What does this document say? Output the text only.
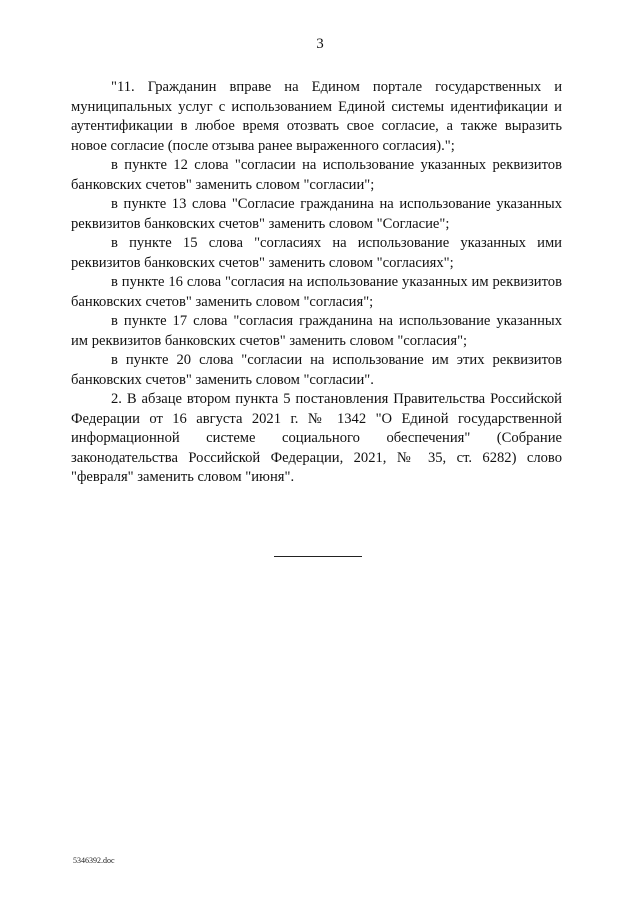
3

"11. Гражданин вправе на Едином портале государственных и муниципальных услуг с использованием Единой системы идентификации и аутентификации в любое время отозвать свое согласие, а также выразить новое согласие (после отзыва ранее выраженного согласия).";

в пункте 12 слова "согласии на использование указанных реквизитов банковских счетов" заменить словом "согласии";

в пункте 13 слова "Согласие гражданина на использование указанных реквизитов банковских счетов" заменить словом "Согласие";

в пункте 15 слова "согласиях на использование указанных ими реквизитов банковских счетов" заменить словом "согласиях";

в пункте 16 слова "согласия на использование указанных им реквизитов банковских счетов" заменить словом "согласия";

в пункте 17 слова "согласия гражданина на использование указанных им реквизитов банковских счетов" заменить словом "согласия";

в пункте 20 слова "согласии на использование им этих реквизитов банковских счетов" заменить словом "согласии".

2. В абзаце втором пункта 5 постановления Правительства Российской Федерации от 16 августа 2021 г. № 1342 "О Единой государственной информационной системе социального обеспечения" (Собрание законодательства Российской Федерации, 2021, № 35, ст. 6282) слово "февраля" заменить словом "июня".

5346392.doc
